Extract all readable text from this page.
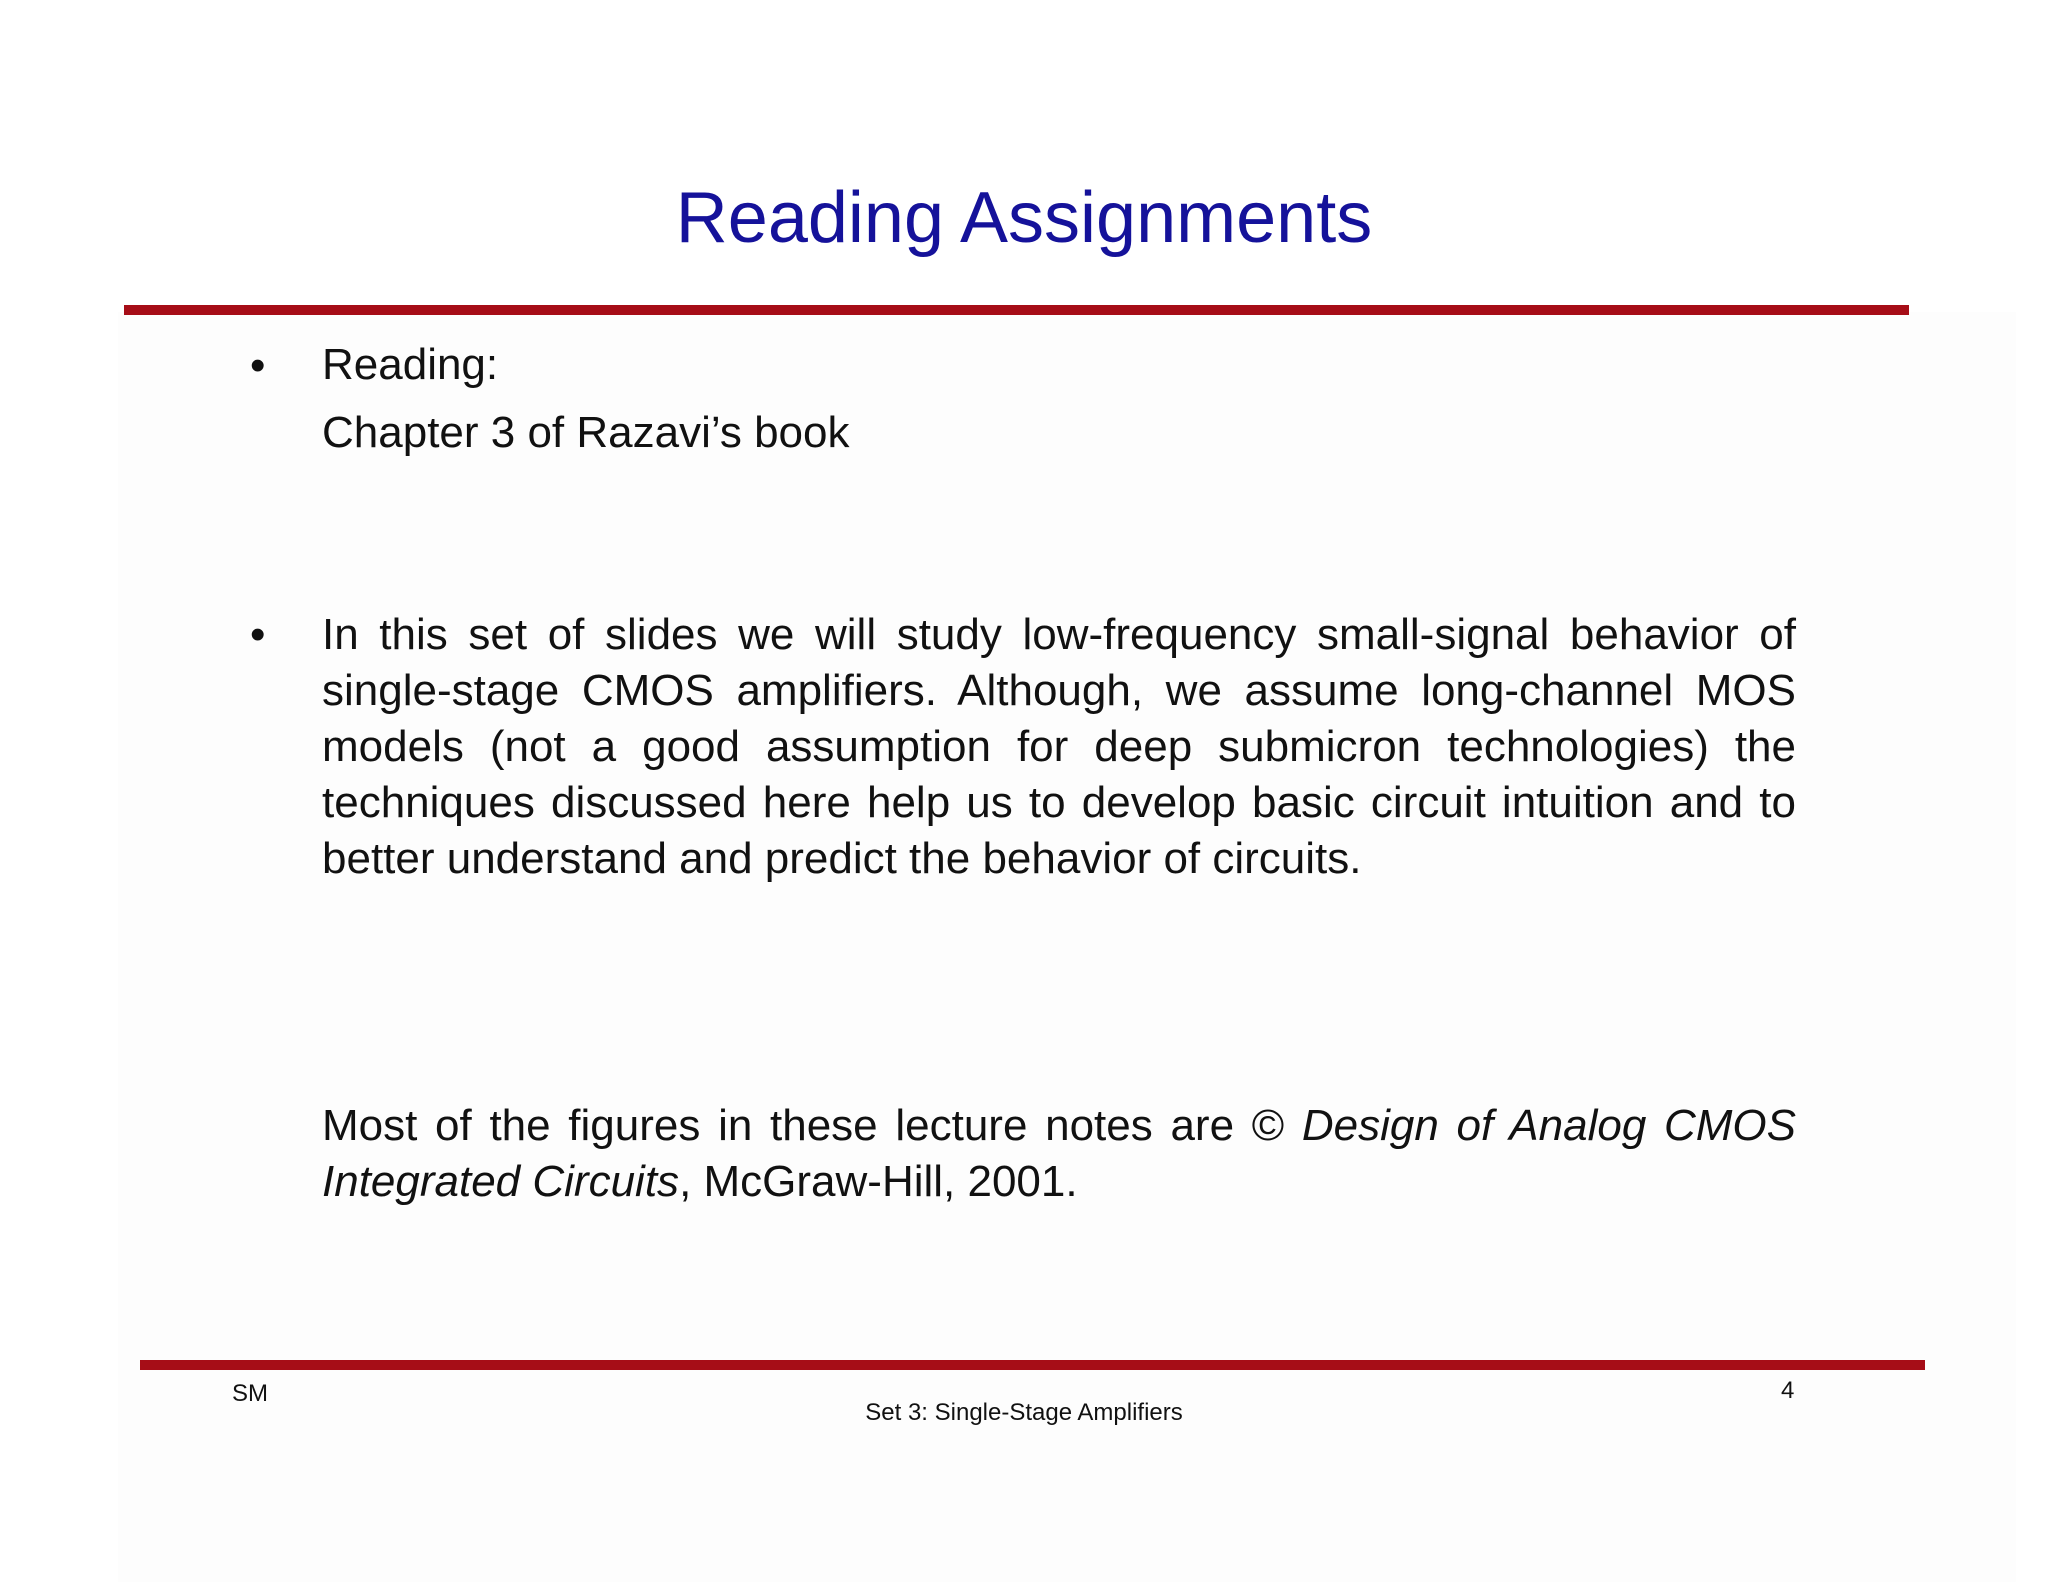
Reading Assignments
• Reading:
Chapter 3 of Razavi’s book
• In this set of slides we will study low-frequency small-signal behavior of single-stage CMOS amplifiers. Although, we assume long-channel MOS models (not a good assumption for deep submicron technologies) the techniques discussed here help us to develop basic circuit intuition and to better understand and predict the behavior of circuits.
Most of the figures in these lecture notes are © Design of Analog CMOS Integrated Circuits, McGraw-Hill, 2001.
SM
Set 3: Single-Stage Amplifiers
4
